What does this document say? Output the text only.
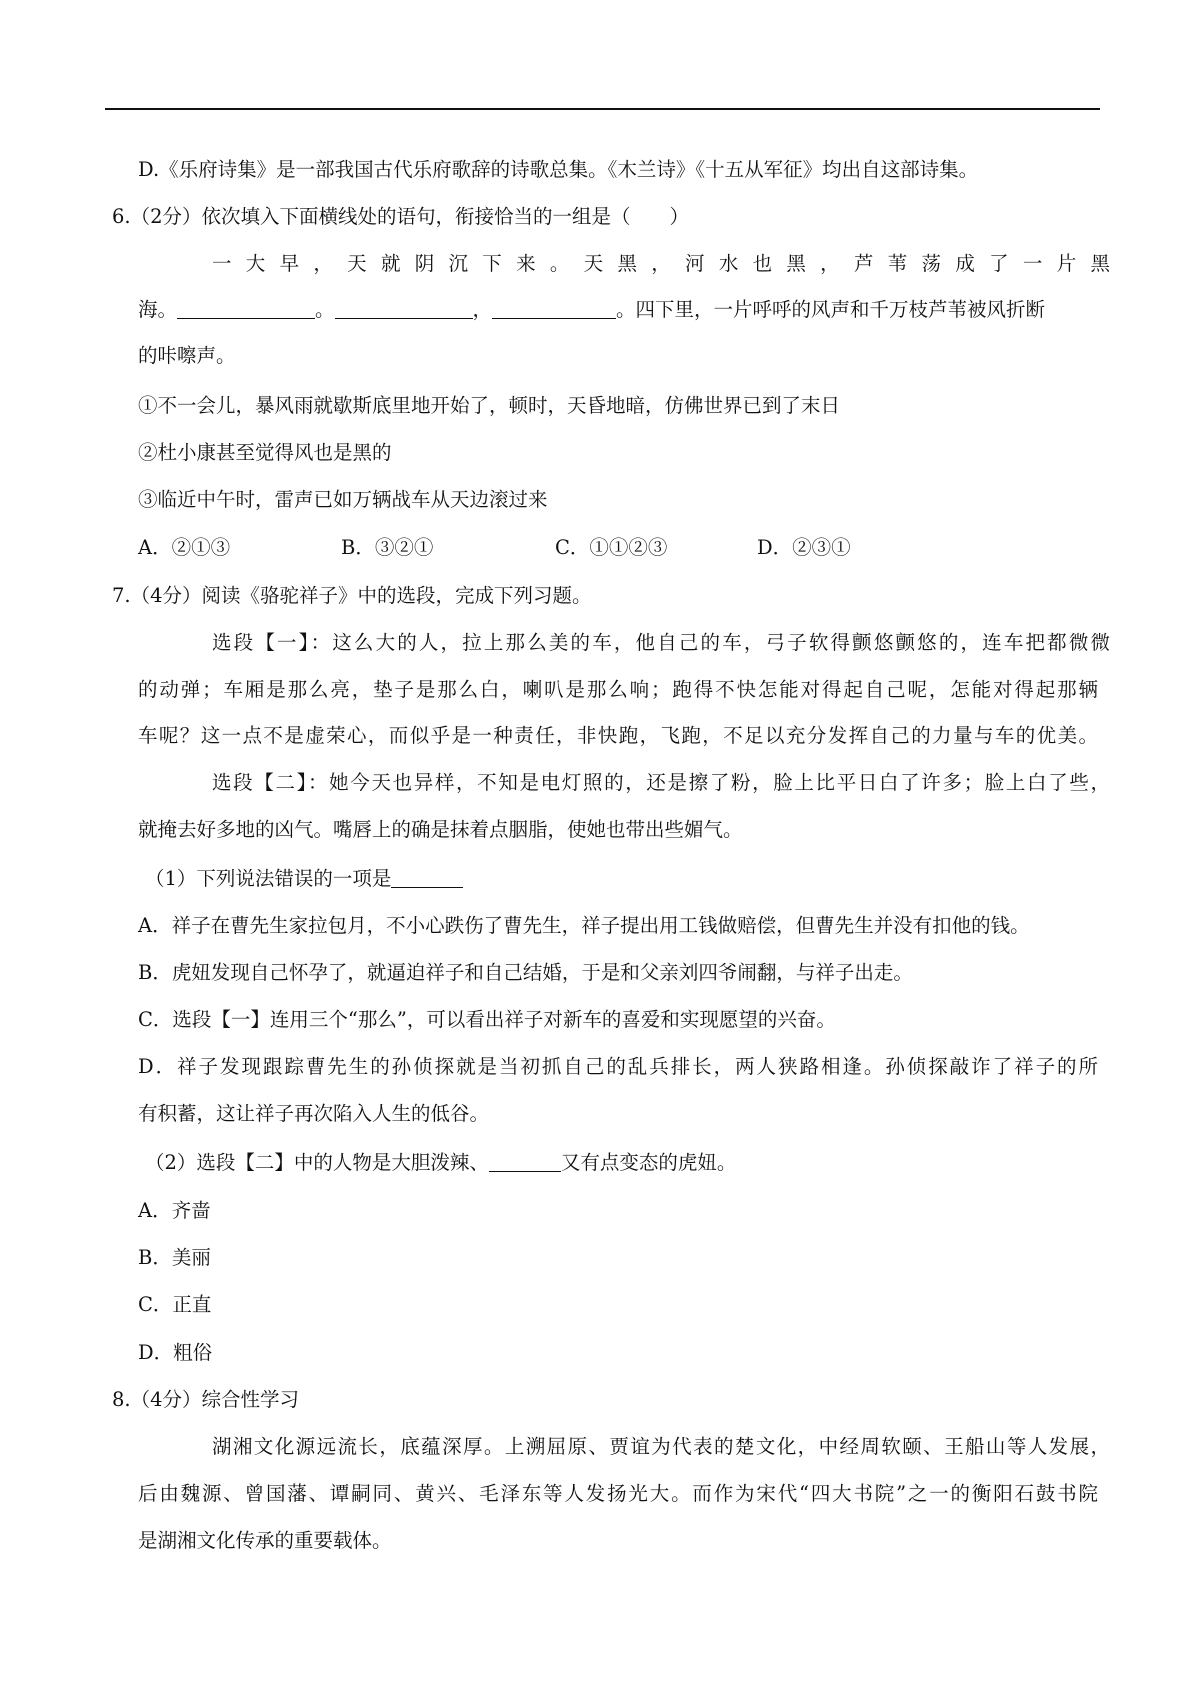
D.《乐府诗集》是一部我国古代乐府歌辞的诗歌总集。《木兰诗》《十五从军征》均出自这部诗集。
6.（2分）依次填入下面横线处的语句，衔接恰当的一组是（　　）
一大早，天就阴沉下来。天黑，河水也黑，芦苇荡成了一片黑
海。	。	，	。四下里，一片呼呼的风声和千万枝芦苇被风折断
的咔嚓声。
①不一会儿，暴风雨就歇斯底里地开始了，顿时，天昏地暗，仿佛世界已到了末日
②杜小康甚至觉得风也是黑的
③临近中午时，雷声已如万辆战车从天边滚过来
A．②①③	B．③②①	C．①①②③	D．②③①
7.（4分）阅读《骆驼祥子》中的选段，完成下列习题。
选段【一】：这么大的人，拉上那么美的车，他自己的车，弓子软得颤悠颤悠的，连车把都微微
的动弹；车厢是那么亮，垫子是那么白，喇叭是那么响；跑得不快怎能对得起自己呢，怎能对得起那辆
车呢？这一点不是虚荣心，而似乎是一种责任，非快跑，飞跑，不足以充分发挥自己的力量与车的优美。
选段【二】：她今天也异样，不知是电灯照的，还是擦了粉，脸上比平日白了许多；脸上白了些，
就掩去好多地的凶气。嘴唇上的确是抹着点胭脂，使她也带出些媚气。
（1）下列说法错误的一项是
A．祥子在曹先生家拉包月，不小心跌伤了曹先生，祥子提出用工钱做赔偿，但曹先生并没有扣他的钱。
B．虎妞发现自己怀孕了，就逼迫祥子和自己结婚，于是和父亲刘四爷闹翻，与祥子出走。
C．选段【一】连用三个“那么”，可以看出祥子对新车的喜爱和实现愿望的兴奋。
D．祥子发现跟踪曹先生的孙侦探就是当初抓自己的乱兵排长，两人狭路相逢。孙侦探敲诈了祥子的所
有积蓄，这让祥子再次陷入人生的低谷。
（2）选段【二】中的人物是大胆泼辣、	又有点变态的虎妞。
A．齐啬
B．美丽
C．正直
D．粗俗
8.（4分）综合性学习
湖湘文化源远流长，底蕴深厚。上溯屈原、贾谊为代表的楚文化，中经周软颐、王船山等人发展，
后由魏源、曾国藩、谭嗣同、黄兴、毛泽东等人发扬光大。而作为宋代“四大书院”之一的衡阳石鼓书院
是湖湘文化传承的重要载体。
